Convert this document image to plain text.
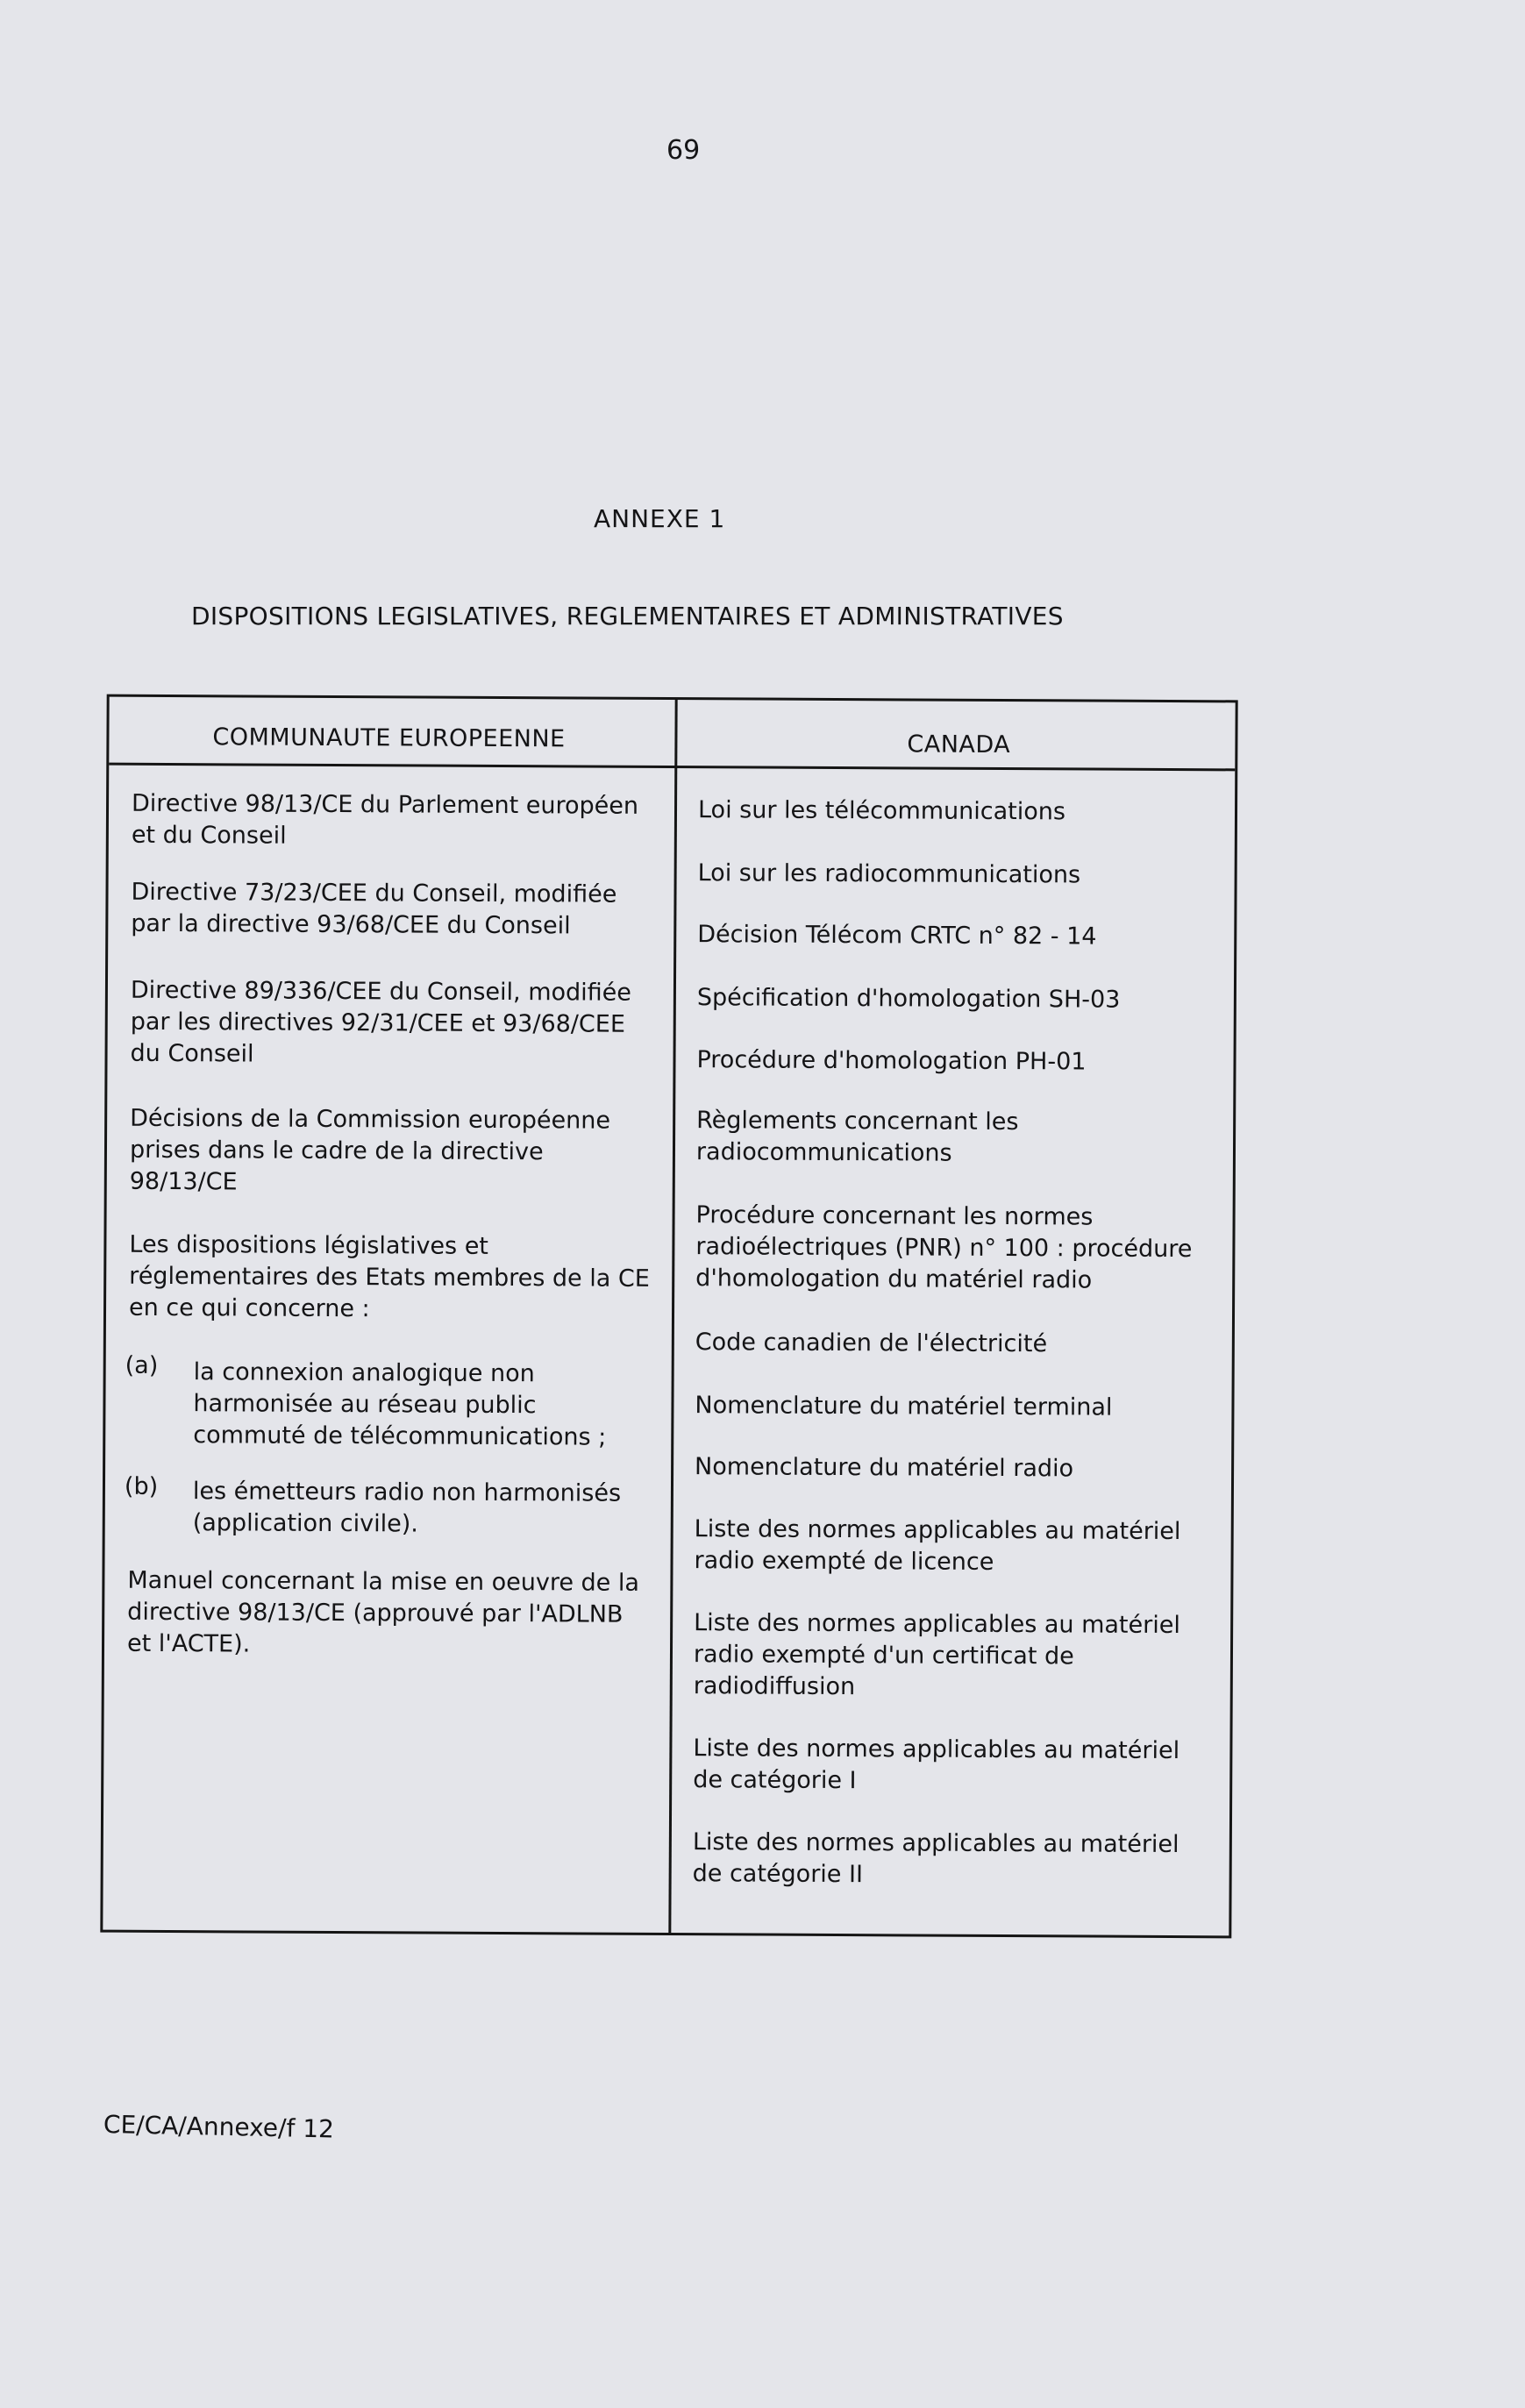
69
ANNEXE 1
DISPOSITIONS LEGISLATIVES, REGLEMENTAIRES ET ADMINISTRATIVES
COMMUNAUTE EUROPEENNE	CANADA
Directive 98/13/CE du Parlement européen
et du Conseil
Directive 73/23/CEE du Conseil, modifiée
par la directive 93/68/CEE du Conseil
Directive 89/336/CEE du Conseil, modifiée
par les directives 92/31/CEE et 93/68/CEE
du Conseil
Décisions de la Commission européenne
prises dans le cadre de la directive
98/13/CE
Les dispositions législatives et
réglementaires des Etats membres de la CE
en ce qui concerne :
(a) la connexion analogique non
harmonisée au réseau public
commuté de télécommunications ;
(b) les émetteurs radio non harmonisés
(application civile).
Manuel concernant la mise en oeuvre de la
directive 98/13/CE (approuvé par l'ADLNB
et l'ACTE).
Loi sur les télécommunications
Loi sur les radiocommunications
Décision Télécom CRTC n° 82 - 14
Spécification d'homologation SH-03
Procédure d'homologation PH-01
Règlements concernant les
radiocommunications
Procédure concernant les normes
radioélectriques (PNR) n° 100 : procédure
d'homologation du matériel radio
Code canadien de l'électricité
Nomenclature du matériel terminal
Nomenclature du matériel radio
Liste des normes applicables au matériel
radio exempté de licence
Liste des normes applicables au matériel
radio exempté d'un certificat de
radiodiffusion
Liste des normes applicables au matériel
de catégorie I
Liste des normes applicables au matériel
de catégorie II
CE/CA/Annexe/f 12
